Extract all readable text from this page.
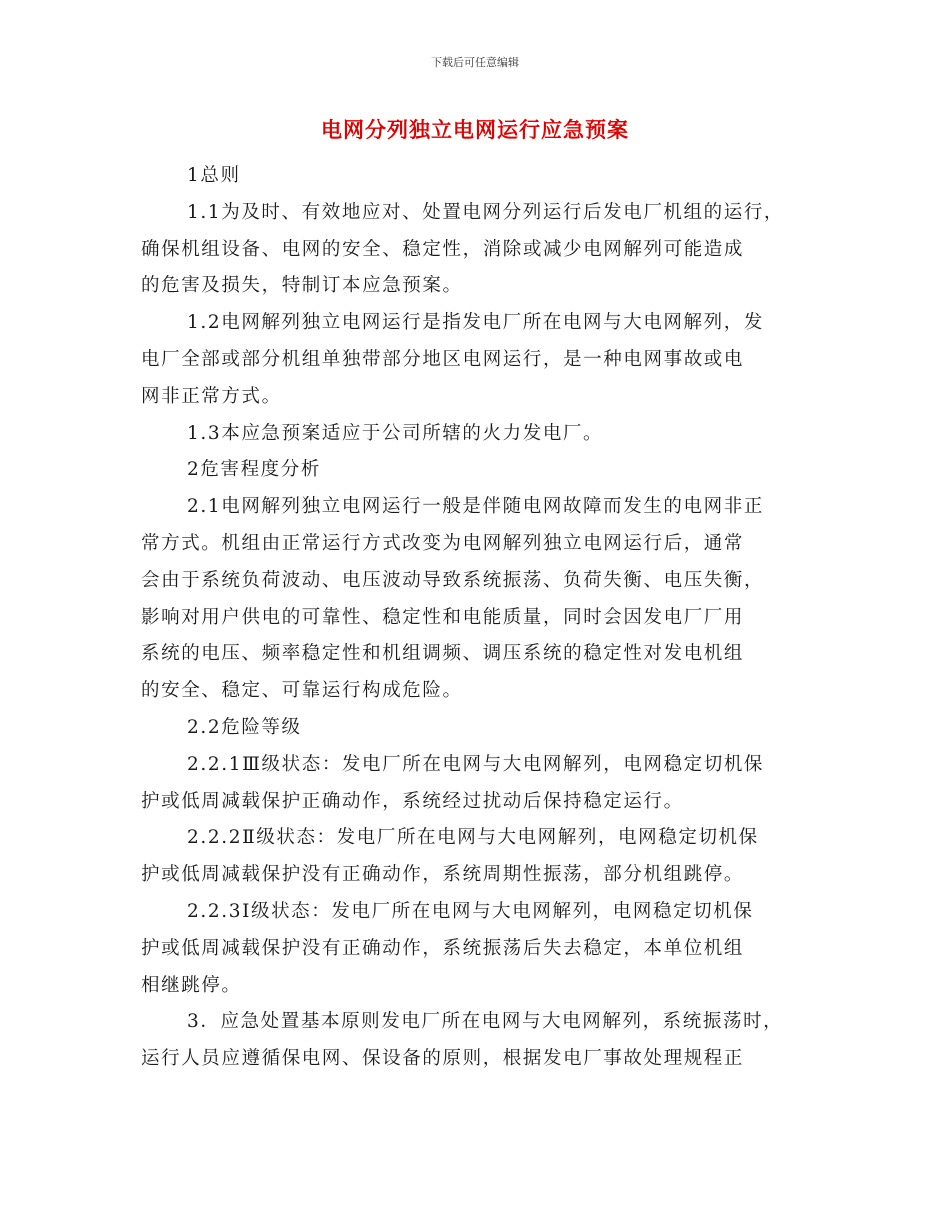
下载后可任意编辑
电网分列独立电网运行应急预案
1总则
1.1为及时、有效地应对、处置电网分列运行后发电厂机组的运行，
确保机组设备、电网的安全、稳定性，消除或减少电网解列可能造成
的危害及损失，特制订本应急预案。
1.2电网解列独立电网运行是指发电厂所在电网与大电网解列，发
电厂全部或部分机组单独带部分地区电网运行，是一种电网事故或电
网非正常方式。
1.3本应急预案适应于公司所辖的火力发电厂。
2危害程度分析
2.1电网解列独立电网运行一般是伴随电网故障而发生的电网非正
常方式。机组由正常运行方式改变为电网解列独立电网运行后，通常
会由于系统负荷波动、电压波动导致系统振荡、负荷失衡、电压失衡，
影响对用户供电的可靠性、稳定性和电能质量，同时会因发电厂厂用
系统的电压、频率稳定性和机组调频、调压系统的稳定性对发电机组
的安全、稳定、可靠运行构成危险。
2.2危险等级
2.2.1Ⅲ级状态：发电厂所在电网与大电网解列，电网稳定切机保
护或低周减载保护正确动作，系统经过扰动后保持稳定运行。
2.2.2Ⅱ级状态：发电厂所在电网与大电网解列，电网稳定切机保
护或低周减载保护没有正确动作，系统周期性振荡，部分机组跳停。
2.2.3Ⅰ级状态：发电厂所在电网与大电网解列，电网稳定切机保
护或低周减载保护没有正确动作，系统振荡后失去稳定，本单位机组
相继跳停。
3．应急处置基本原则发电厂所在电网与大电网解列，系统振荡时，
运行人员应遵循保电网、保设备的原则，根据发电厂事故处理规程正
